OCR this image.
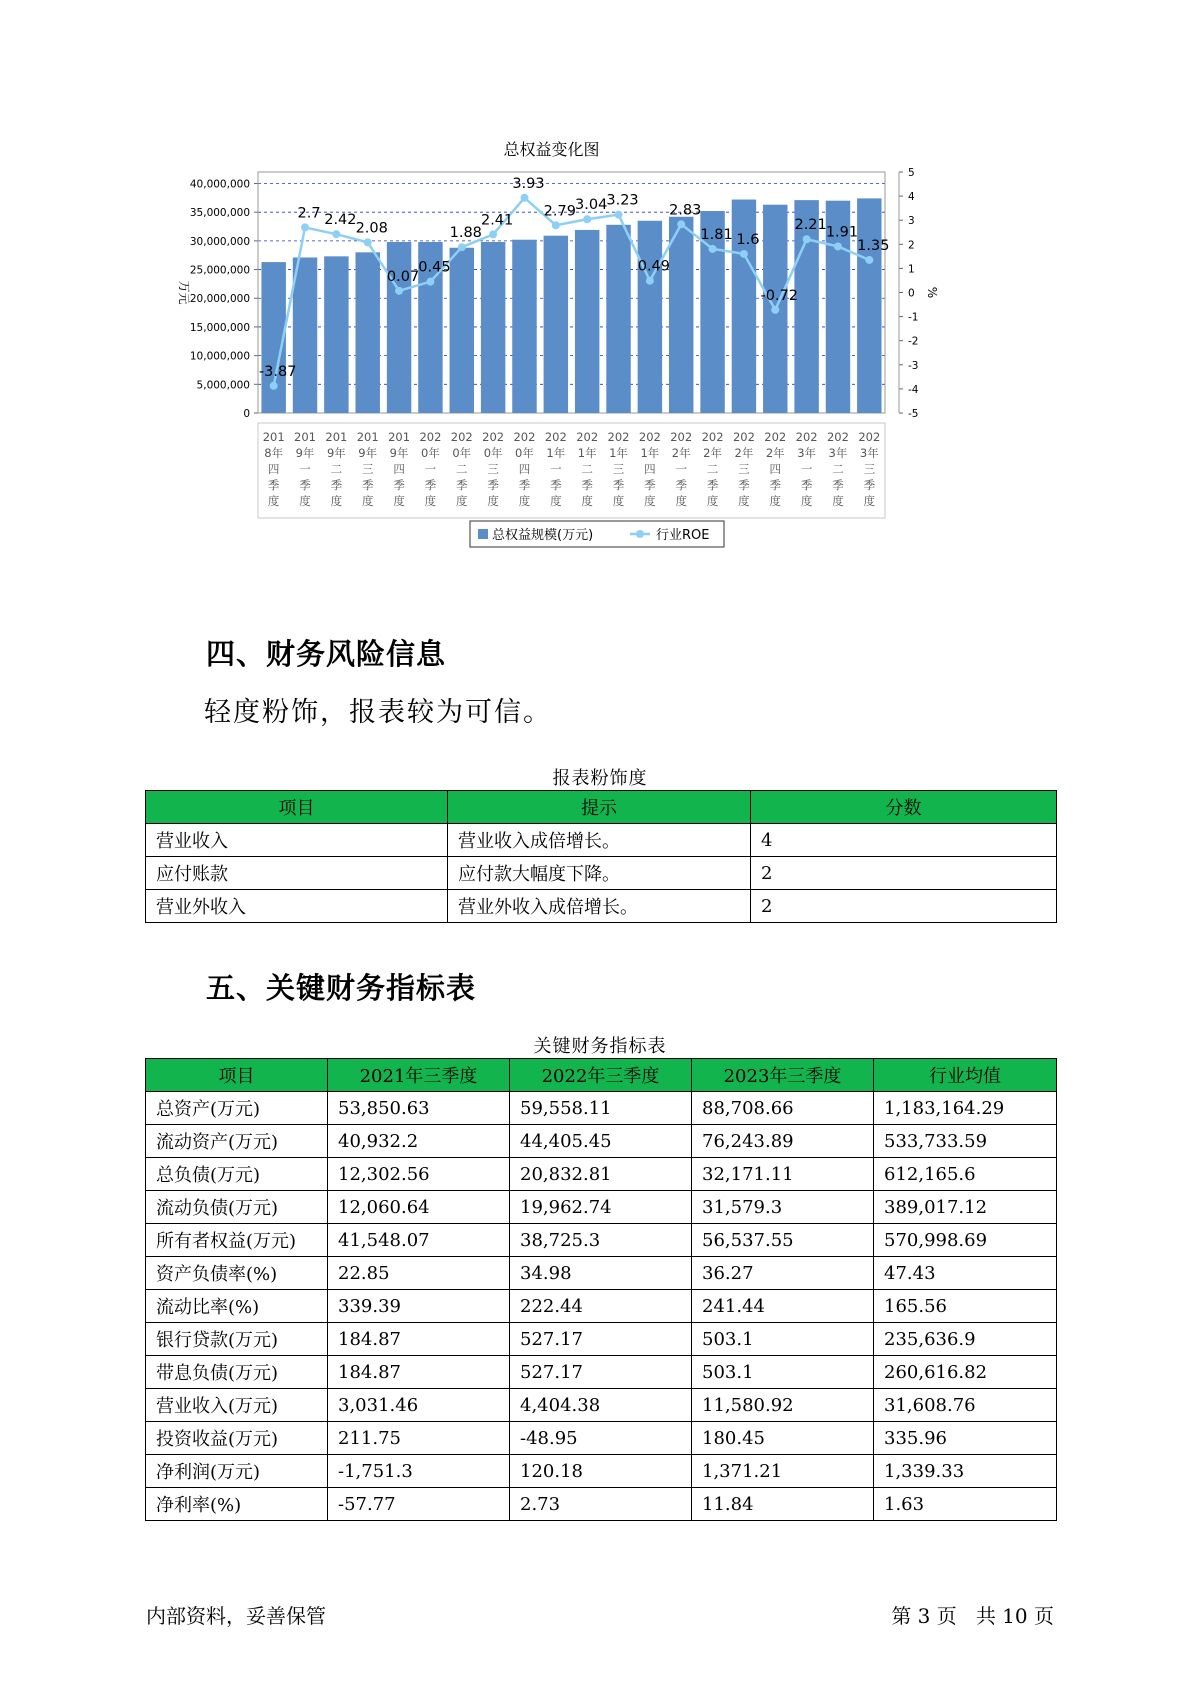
总权益变化图
0
5,000,000
10,000,000
15,000,000
20,000,000
25,000,000
30,000,000
35,000,000
40,000,000
-5
-4
-3
-2
-1
0
1
2
3
4
5
万元	%
-3.87
2.7 2.42
2.08
0.07
0.45
1.88
2.41
3.93
2.79 3.04 3.23
0.49
2.83
1.81 1.6
-0.72
2.21 1.91
1.35
201 8年四季度
201 9年一季度
201 9年二季度
201 9年三季度
201 9年四季度
202 0年一季度
202 0年二季度
202 0年三季度
202 0年四季度
202 1年一季度
202 1年二季度
202 1年三季度
202 1年四季度
202 2年一季度
202 2年二季度
202 2年三季度
202 2年四季度
202 3年一季度
202 3年二季度
202 3年三季度
总权益规模(万元)	行业ROE
四、财务风险信息

轻度粉饰，报表较为可信。

报表粉饰度
项目	提示	分数
营业收入	营业收入成倍增长。	4
应付账款	应付款大幅度下降。	2
营业外收入	营业外收入成倍增长。	2
五、关键财务指标表
关键财务指标表
项目	2021年三季度	2022年三季度	2023年三季度	行业均值
总资产(万元)	53,850.63	59,558.11	88,708.66	1,183,164.29
流动资产(万元)	40,932.2	44,405.45	76,243.89	533,733.59
总负债(万元)	12,302.56	20,832.81	32,171.11	612,165.6
流动负债(万元)	12,060.64	19,962.74	31,579.3	389,017.12
所有者权益(万元)	41,548.07	38,725.3	56,537.55	570,998.69
资产负债率(%)	22.85	34.98	36.27	47.43
流动比率(%)	339.39	222.44	241.44	165.56
银行贷款(万元)	184.87	527.17	503.1	235,636.9
带息负债(万元)	184.87	527.17	503.1	260,616.82
营业收入(万元)	3,031.46	4,404.38	11,580.92	31,608.76
投资收益(万元)	211.75	-48.95	180.45	335.96
净利润(万元)	-1,751.3	120.18	1,371.21	1,339.33
净利率(%)	-57.77	2.73	11.84	1.63
内部资料，妥善保管	第 3 页   共 10 页
